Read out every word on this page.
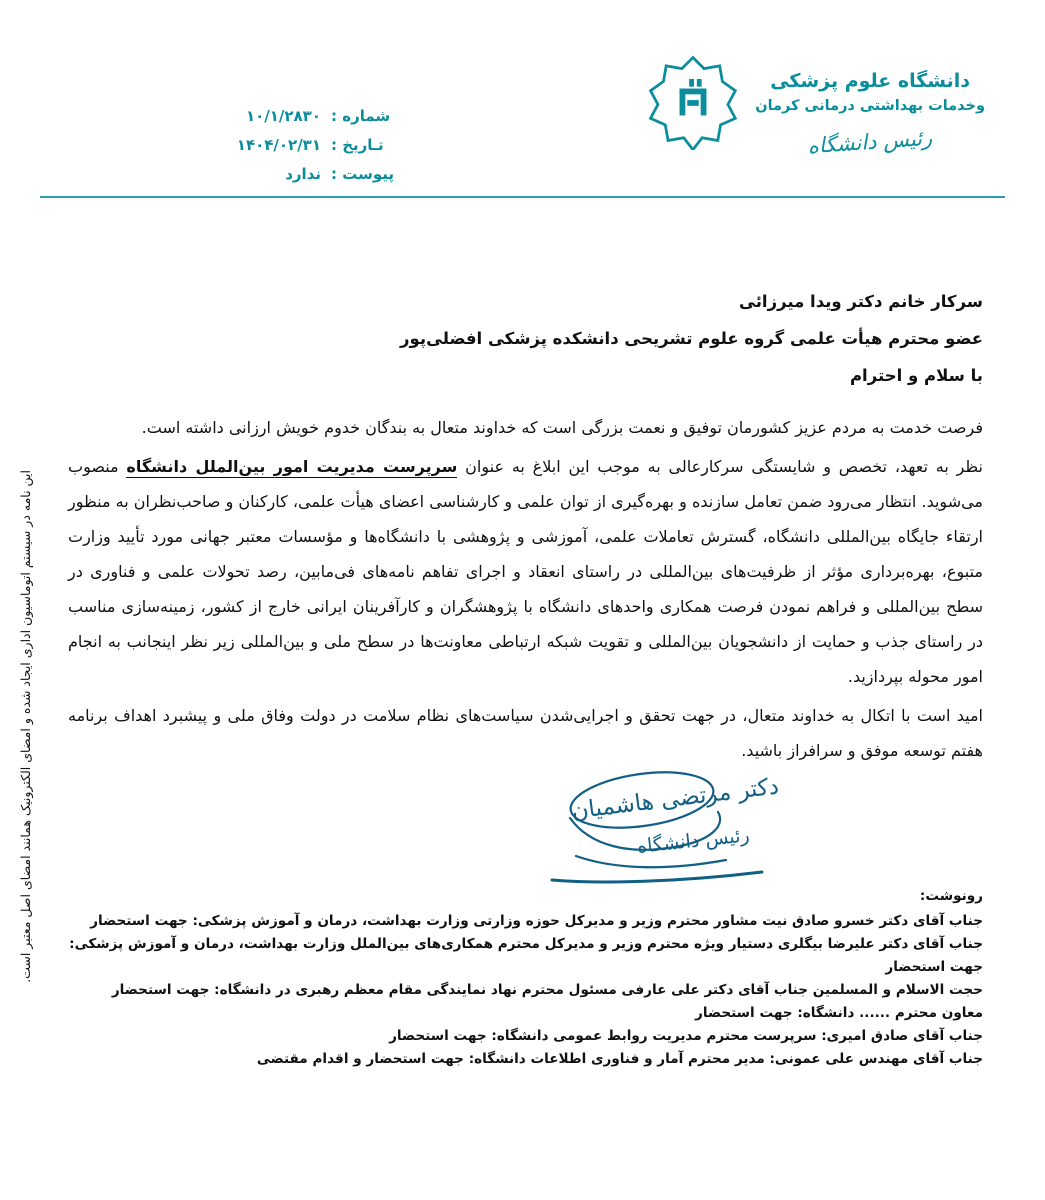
دانشگاه علوم پزشکی
وخدمات بهداشتی درمانی کرمان
رئیس دانشگاه
شماره :
۱۰/۱/۲۸۳۰
تـاریخ :
۱۴۰۴/۰۲/۳۱
پیوست :
ندارد
این نامه در سیستم اتوماسیون اداری ایجاد شده و امضای الکترونیک همانند امضای اصل معتبر است.
سرکار خانم دکتر ویدا میرزائی
عضو محترم هیأت علمی گروه علوم تشریحی دانشکده پزشکی افضلی‌پور
با سلام و احترام

فرصت خدمت به مردم عزیز کشورمان توفیق و نعمت بزرگی است که خداوند متعال به بندگان خدوم خویش ارزانی داشته است.

نظر به تعهد، تخصص و شایستگی سرکارعالی به موجب این ابلاغ به عنوان سرپرست مدیریت امور بین‌الملل دانشگاه منصوب می‌شوید. انتظار می‌رود ضمن تعامل سازنده و بهره‌گیری از توان علمی و کارشناسی اعضای هیأت علمی، کارکنان و صاحب‌نظران به منظور ارتقاء جایگاه بین‌المللی دانشگاه، گسترش تعاملات علمی، آموزشی و پژوهشی با دانشگاه‌ها و مؤسسات معتبر جهانی مورد تأیید وزارت متبوع، بهره‌برداری مؤثر از ظرفیت‌های بین‌المللی در راستای انعقاد و اجرای تفاهم نامه‌های فی‌مابین، رصد تحولات علمی و فناوری در سطح بین‌المللی و فراهم نمودن فرصت همکاری واحدهای دانشگاه با پژوهشگران و کارآفرینان ایرانی خارج از کشور، زمینه‌سازی مناسب در راستای جذب و حمایت از دانشجویان بین‌المللی و تقویت شبکه ارتباطی معاونت‌ها در سطح ملی و بین‌المللی زیر نظر اینجانب به انجام امور محوله بپردازید.

امید است با اتکال به خداوند متعال، در جهت تحقق و اجرایی‌شدن سیاست‌های نظام سلامت در دولت وفاق ملی و پیشبرد اهداف برنامه هفتم توسعه موفق و سرافراز باشید.

دکتر مرتضی هاشمیان
رئیس دانشگاه
رونوشت:
جناب آقای دکتر خسرو صادق نیت مشاور محترم وزیر و مدیرکل حوزه وزارتی وزارت بهداشت، درمان و آموزش پزشکی: جهت استحضار
جناب آقای دکتر علیرضا بیگلری دستیار ویژه محترم وزیر و مدیرکل محترم همکاری‌های بین‌الملل وزارت بهداشت، درمان و آموزش پزشکی: جهت استحضار
حجت الاسلام و المسلمین جناب آقای دکتر علی عارفی مسئول محترم نهاد نمایندگی مقام معظم رهبری در دانشگاه: جهت استحضار
معاون محترم ...... دانشگاه: جهت استحضار
جناب آقای صادق امیری: سرپرست محترم مدیریت روابط عمومی دانشگاه: جهت استحضار
جناب آقای مهندس علی عمونی: مدیر محترم آمار و فناوری اطلاعات دانشگاه: جهت استحضار و اقدام مقتضی
